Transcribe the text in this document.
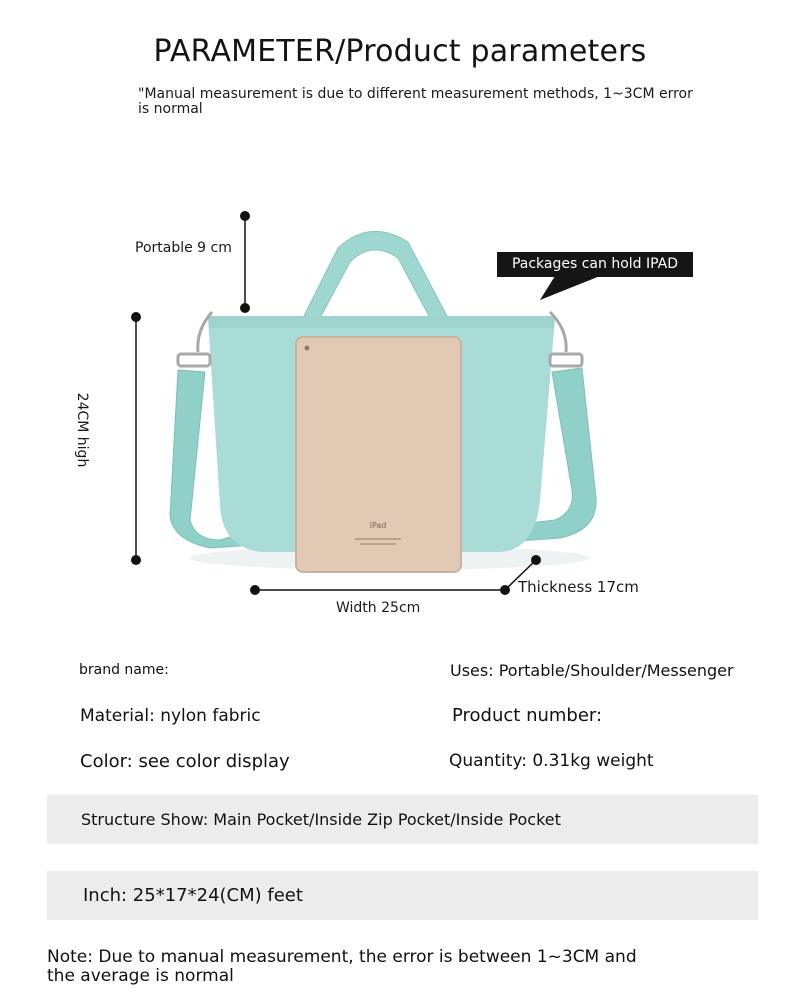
PARAMETER/Product parameters
"Manual measurement is due to different measurement methods, 1~3CM error is normal
iPad
Packages can hold IPAD
Portable 9 cm
24CM high
Width 25cm
Thickness 17cm
brand name:	Uses: Portable/Shoulder/Messenger
Material: nylon fabric	Product number:
Color: see color display	Quantity: 0.31kg weight
Structure Show: Main Pocket/Inside Zip Pocket/Inside Pocket
Inch: 25*17*24(CM) feet
Note: Due to manual measurement, the error is between 1~3CM and the average is normal
